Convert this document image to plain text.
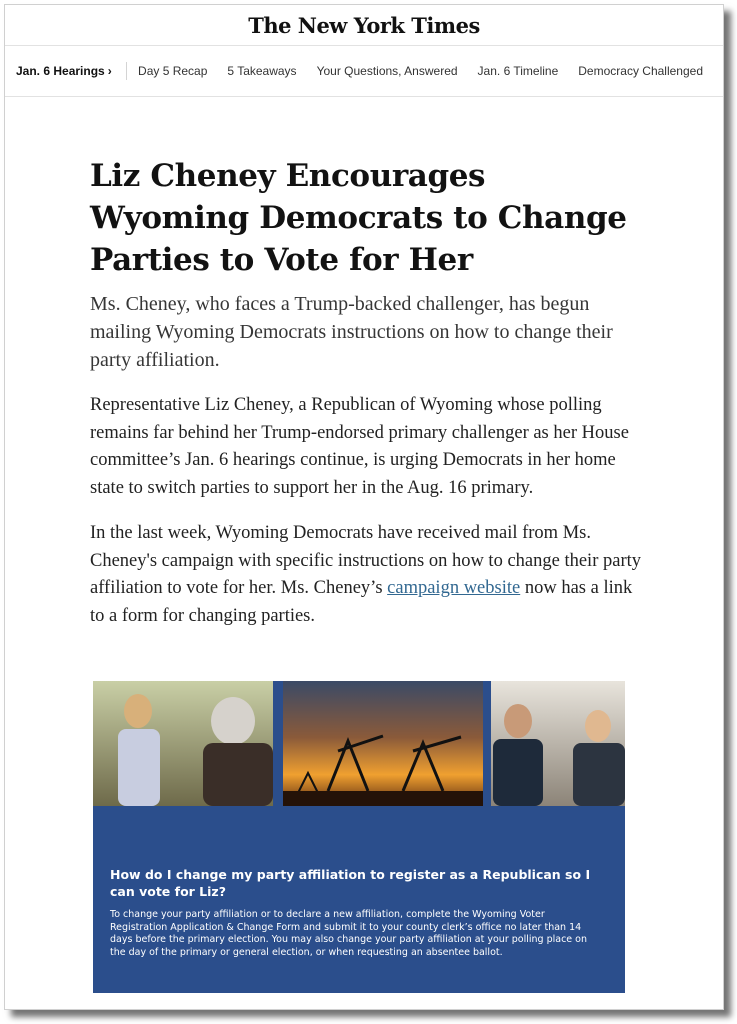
The New York Times
Jan. 6 Hearings › Day 5 Recap 5 Takeaways Your Questions, Answered Jan. 6 Timeline Democracy Challenged
Liz Cheney Encourages Wyoming Democrats to Change Parties to Vote for Her

Ms. Cheney, who faces a Trump-backed challenger, has begun mailing Wyoming Democrats instructions on how to change their party affiliation.

Representative Liz Cheney, a Republican of Wyoming whose polling remains far behind her Trump-endorsed primary challenger as her House committee’s Jan. 6 hearings continue, is urging Democrats in her home state to switch parties to support her in the Aug. 16 primary.

In the last week, Wyoming Democrats have received mail from Ms. Cheney's campaign with specific instructions on how to change their party affiliation to vote for her. Ms. Cheney’s campaign website now has a link to a form for changing parties.

How do I change my party affiliation to register as a Republican so I can vote for Liz?
To change your party affiliation or to declare a new affiliation, complete the Wyoming Voter Registration Application & Change Form and submit it to your county clerk’s office no later than 14 days before the primary election. You may also change your party affiliation at your polling place on the day of the primary or general election, or when requesting an absentee ballot.
